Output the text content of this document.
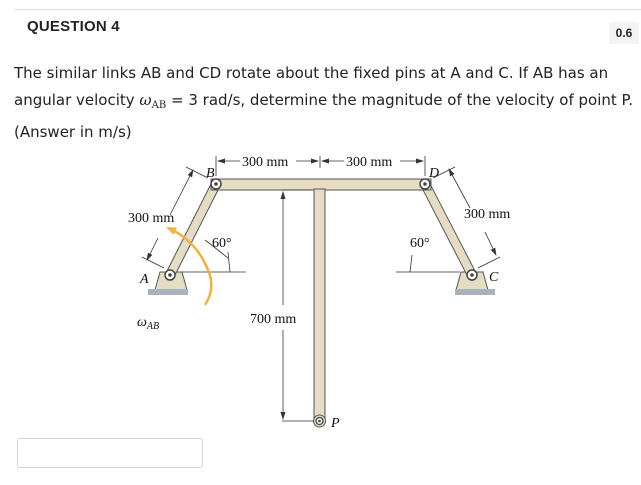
QUESTION 4	0.6
The similar links AB and CD rotate about the fixed pins at A and C. If AB has an angular velocity $\omega_{AB} = 3$ rad/s, determine the magnitude of the velocity of point P. (Answer in m/s)
300 mm	300 mm
300 mm	300 mm
700 mm
60°	60°
B	D
A	C
P
$\omega_{AB}$
